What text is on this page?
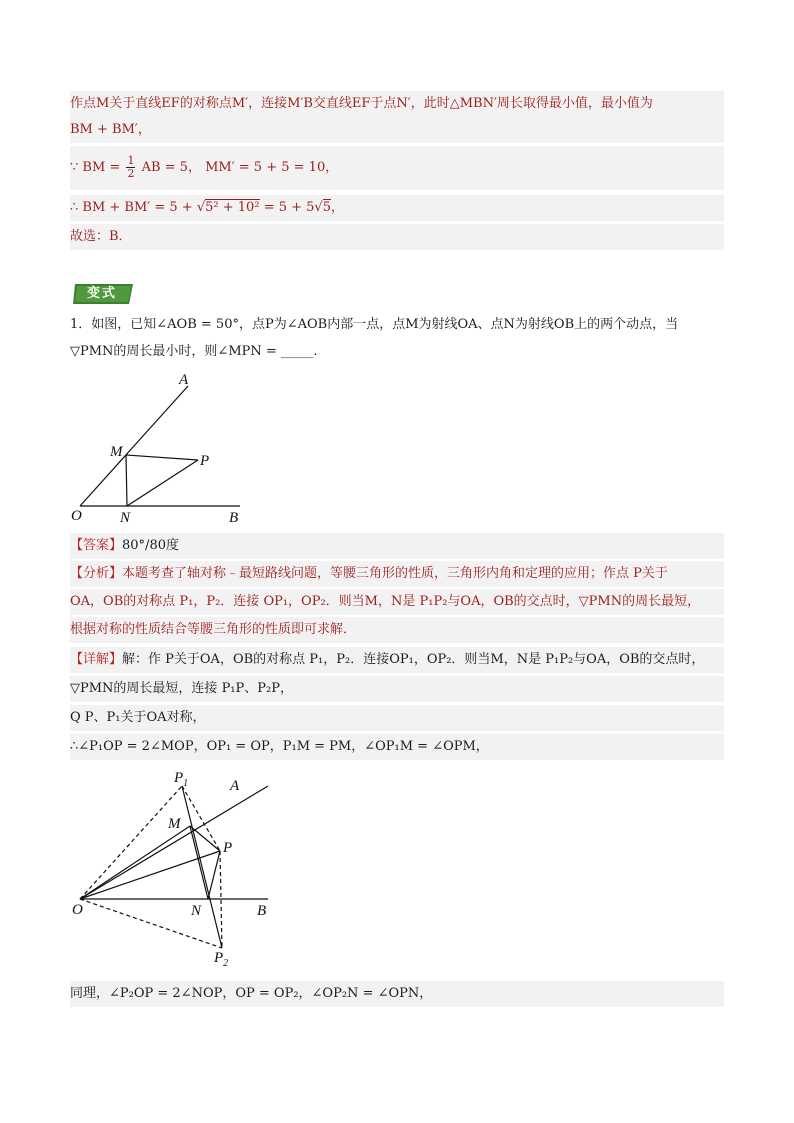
作点M关于直线EF的对称点M′，连接M′B交直线EF于点N′，此时△MBN′周长取得最小值，最小值为
BM + BM′，
∵ BM = $\frac{1}{2}$ AB = 5， MM′ = 5 + 5 = 10，
∴ BM + BM′ = 5 + √5² + 10² = 5 + 5√5，
故选：B．
变式
1．如图，已知∠AOB = 50°，点P为∠AOB内部一点，点M为射线OA、点N为射线OB上的两个动点，当
▽PMN的周长最小时，则∠MPN = _____.
A
M
P
O	N	B
【答案】80°/80度
【分析】本题考查了轴对称﹣最短路线问题，等腰三角形的性质，三角形内角和定理的应用；作点 P关于
OA，OB的对称点 P₁，P₂．连接 OP₁，OP₂．则当M，N是 P₁P₂与OA，OB的交点时，▽PMN的周长最短，
根据对称的性质结合等腰三角形的性质即可求解．
【详解】解：作 P关于OA，OB的对称点 P₁，P₂．连接OP₁，OP₂．则当M，N是 P₁P₂与OA，OB的交点时，
▽PMN的周长最短，连接 P₁P、P₂P，
Q P、P₁关于OA对称，
∴∠P₁OP = 2∠MOP，OP₁ = OP，P₁M = PM，∠OP₁M = ∠OPM，
$P_1$	A
M
P
O	N	B
$P_2$
同理，∠P₂OP = 2∠NOP，OP = OP₂，∠OP₂N = ∠OPN，
